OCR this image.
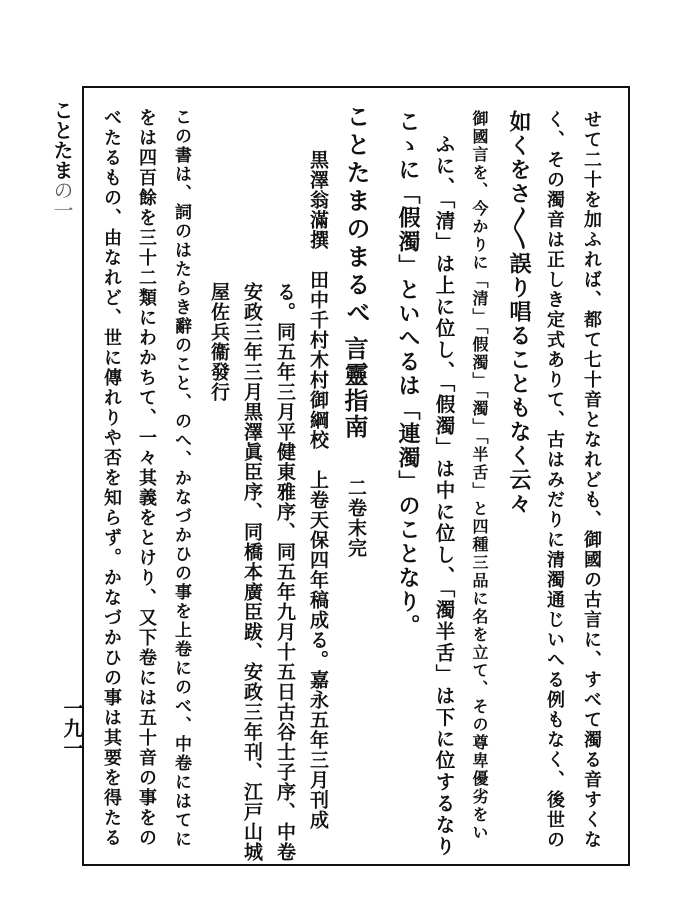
ことたまの一
一九一	せて二十を加ふれば、都て七十音となれども、御國の古言に、すべて濁る音すくな
く、その濁音は正しき定式ありて、古はみだりに清濁通じいへる例もなく、後世の
如くをさ〳〵誤り唱ることもなく云々
御國言を、今かりに「清」「假濁」「濁」「半舌」と四種三品に名を立て、その尊卑優劣をい
ふに、「清」は上に位し、「假濁」は中に位し、「濁半舌」は下に位するなり
こゝに「假濁」といへるは「連濁」のことなり。
ことたまのまるべ
言靈指南
二卷末完
黒澤翁滿撰　田中千村木村御綱校　上卷天保四年稿成る。嘉永五年三月刊成
る。同五年三月平健東雅序、同五年九月十五日古谷士子序、中卷
安政三年三月黒澤眞臣序、同橋本廣臣跋、安政三年刊、江戸山城
屋佐兵衞發行
この書は、詞のはたらき辭のこと、のへ、かなづかひの事を上卷にのべ、中卷にはてに
をは四百餘を三十二類にわかちて、一々其義をとけり、又下卷には五十音の事をの
べたるもの、由なれど、世に傳れりや否を知らず。かなづかひの事は其要を得たる
